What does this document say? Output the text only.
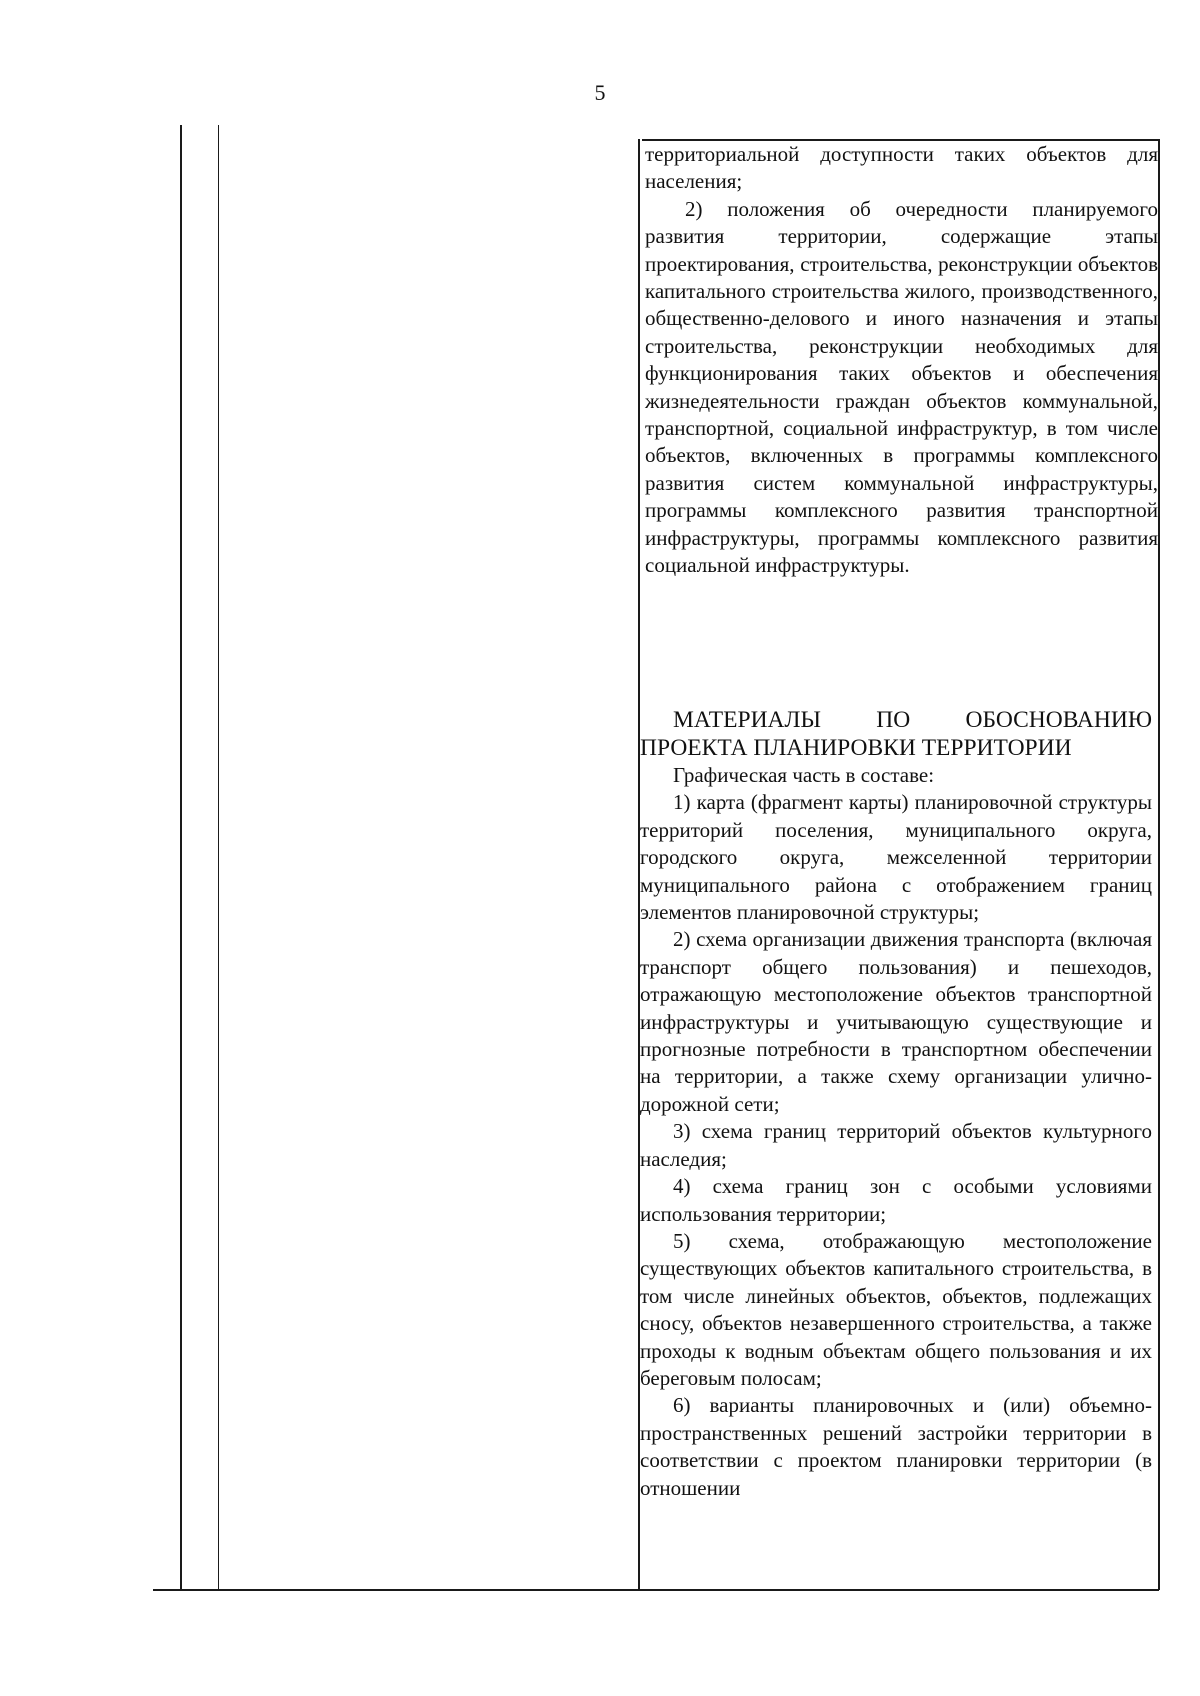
5

территориальной доступности таких объектов для населения;

2) положения об очередности планируемого развития территории, содержащие этапы проектирования, строительства, реконструкции объектов капитального строительства жилого, производственного, общественно-делового и иного назначения и этапы строительства, реконструкции необходимых для функционирования таких объектов и обеспечения жизнедеятельности граждан объектов коммунальной, транспортной, социальной инфраструктур, в том числе объектов, включенных в программы комплексного развития систем коммунальной инфраструктуры, программы комплексного развития транспортной инфраструктуры, программы комплексного развития социальной инфраструктуры.

МАТЕРИАЛЫ ПО ОБОСНОВАНИЮ
ПРОЕКТА ПЛАНИРОВКИ ТЕРРИТОРИИ

Графическая часть в составе:

1) карта (фрагмент карты) планировочной структуры территорий поселения, муниципального округа, городского округа, межселенной территории муниципального района с отображением границ элементов планировочной структуры;

2) схема организации движения транспорта (включая транспорт общего пользования) и пешеходов, отражающую местоположение объектов транспортной инфраструктуры и учитывающую существующие и прогнозные потребности в транспортном обеспечении на территории, а также схему организации улично-дорожной сети;

3) схема границ территорий объектов культурного наследия;

4) схема границ зон с особыми условиями использования территории;

5) схема, отображающую местоположение существующих объектов капитального строительства, в том числе линейных объектов, объектов, подлежащих сносу, объектов незавершенного строительства, а также проходы к водным объектам общего пользования и их береговым полосам;

6) варианты планировочных и (или) объемно-пространственных решений застройки территории в соответствии с проектом планировки территории (в отношении
